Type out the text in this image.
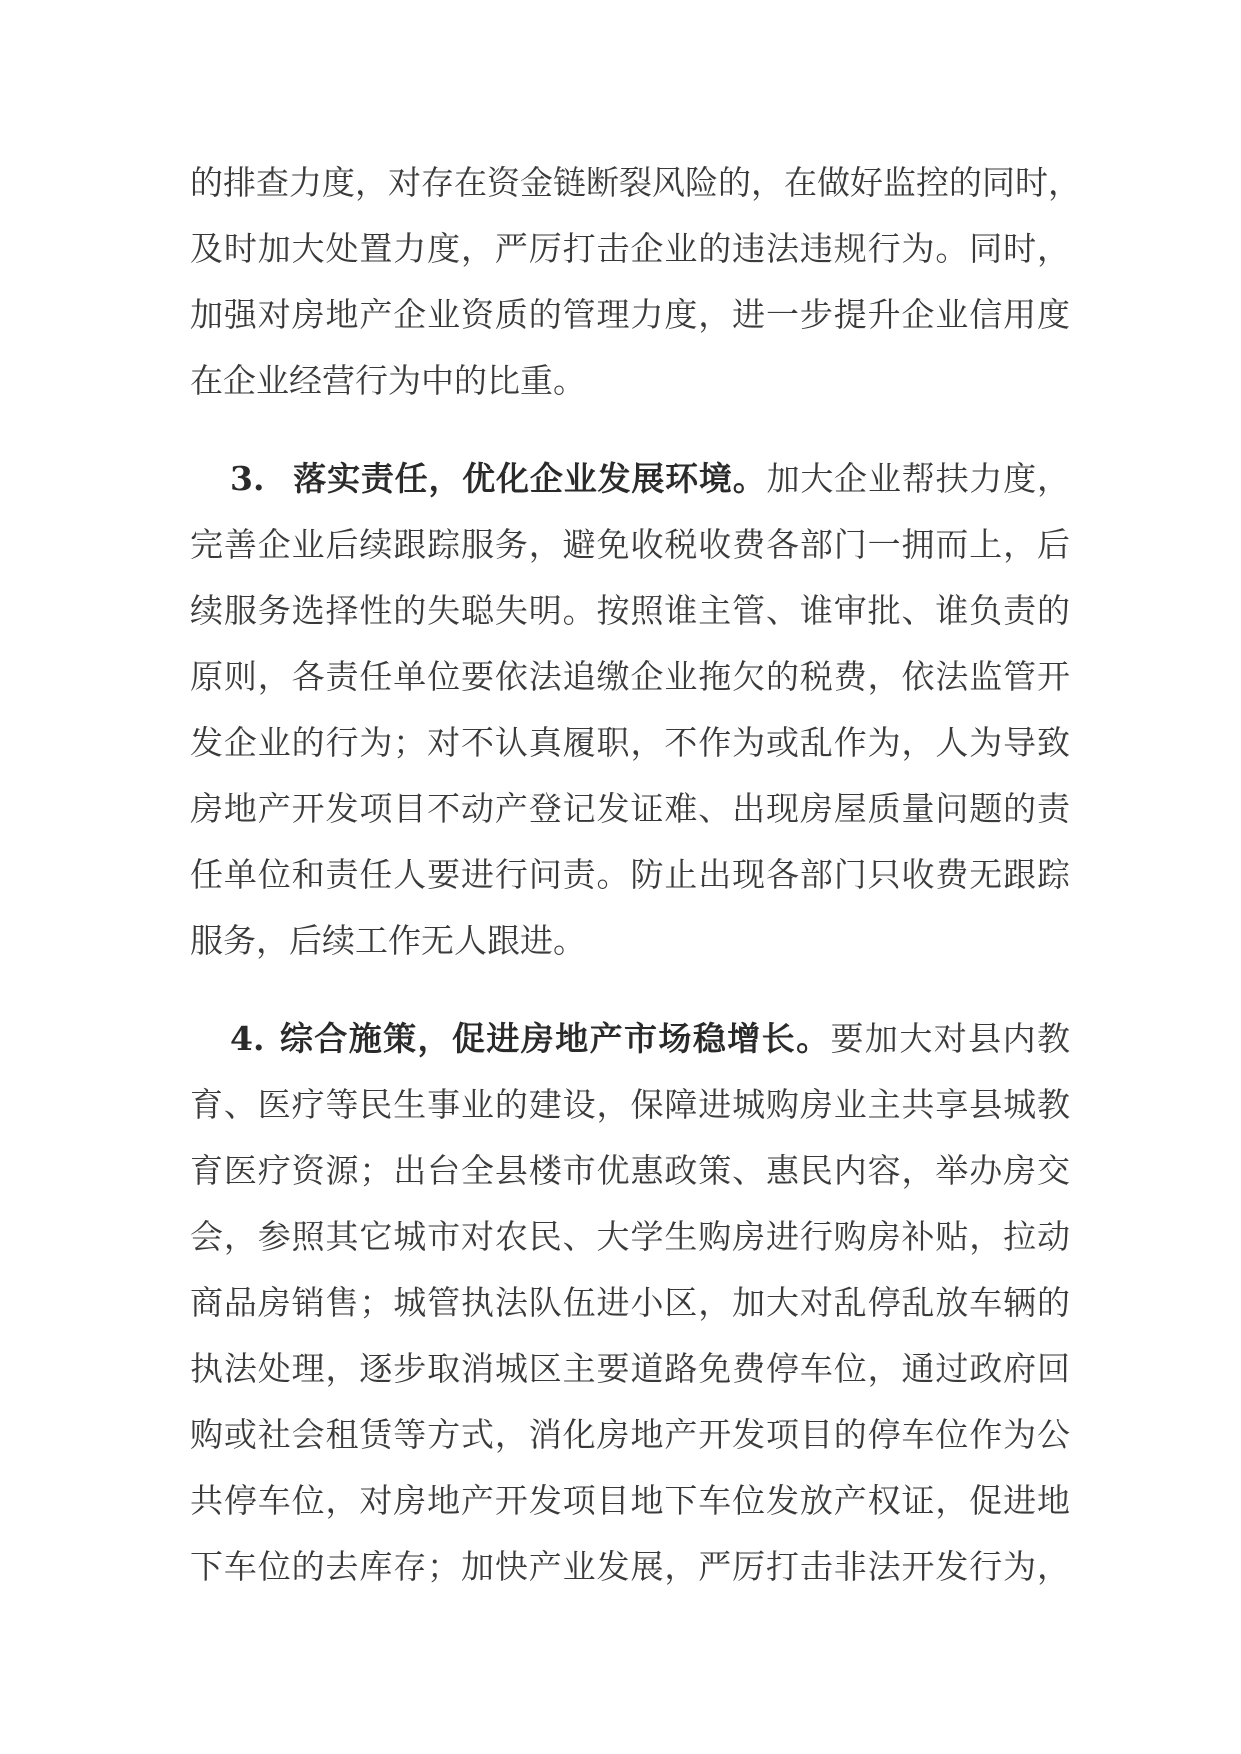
的排查力度，对存在资金链断裂风险的，在做好监控的同时，
及时加大处置力度，严厉打击企业的违法违规行为。同时，
加强对房地产企业资质的管理力度，进一步提升企业信用度
在企业经营行为中的比重。
3. 落实责任，优化企业发展环境。加大企业帮扶力度，
完善企业后续跟踪服务，避免收税收费各部门一拥而上，后
续服务选择性的失聪失明。按照谁主管、谁审批、谁负责的
原则，各责任单位要依法追缴企业拖欠的税费，依法监管开
发企业的行为；对不认真履职，不作为或乱作为，人为导致
房地产开发项目不动产登记发证难、出现房屋质量问题的责
任单位和责任人要进行问责。防止出现各部门只收费无跟踪
服务，后续工作无人跟进。
4. 综合施策，促进房地产市场稳增长。要加大对县内教
育、医疗等民生事业的建设，保障进城购房业主共享县城教
育医疗资源；出台全县楼市优惠政策、惠民内容，举办房交
会，参照其它城市对农民、大学生购房进行购房补贴，拉动
商品房销售；城管执法队伍进小区，加大对乱停乱放车辆的
执法处理，逐步取消城区主要道路免费停车位，通过政府回
购或社会租赁等方式，消化房地产开发项目的停车位作为公
共停车位，对房地产开发项目地下车位发放产权证，促进地
下车位的去库存；加快产业发展，严厉打击非法开发行为，
